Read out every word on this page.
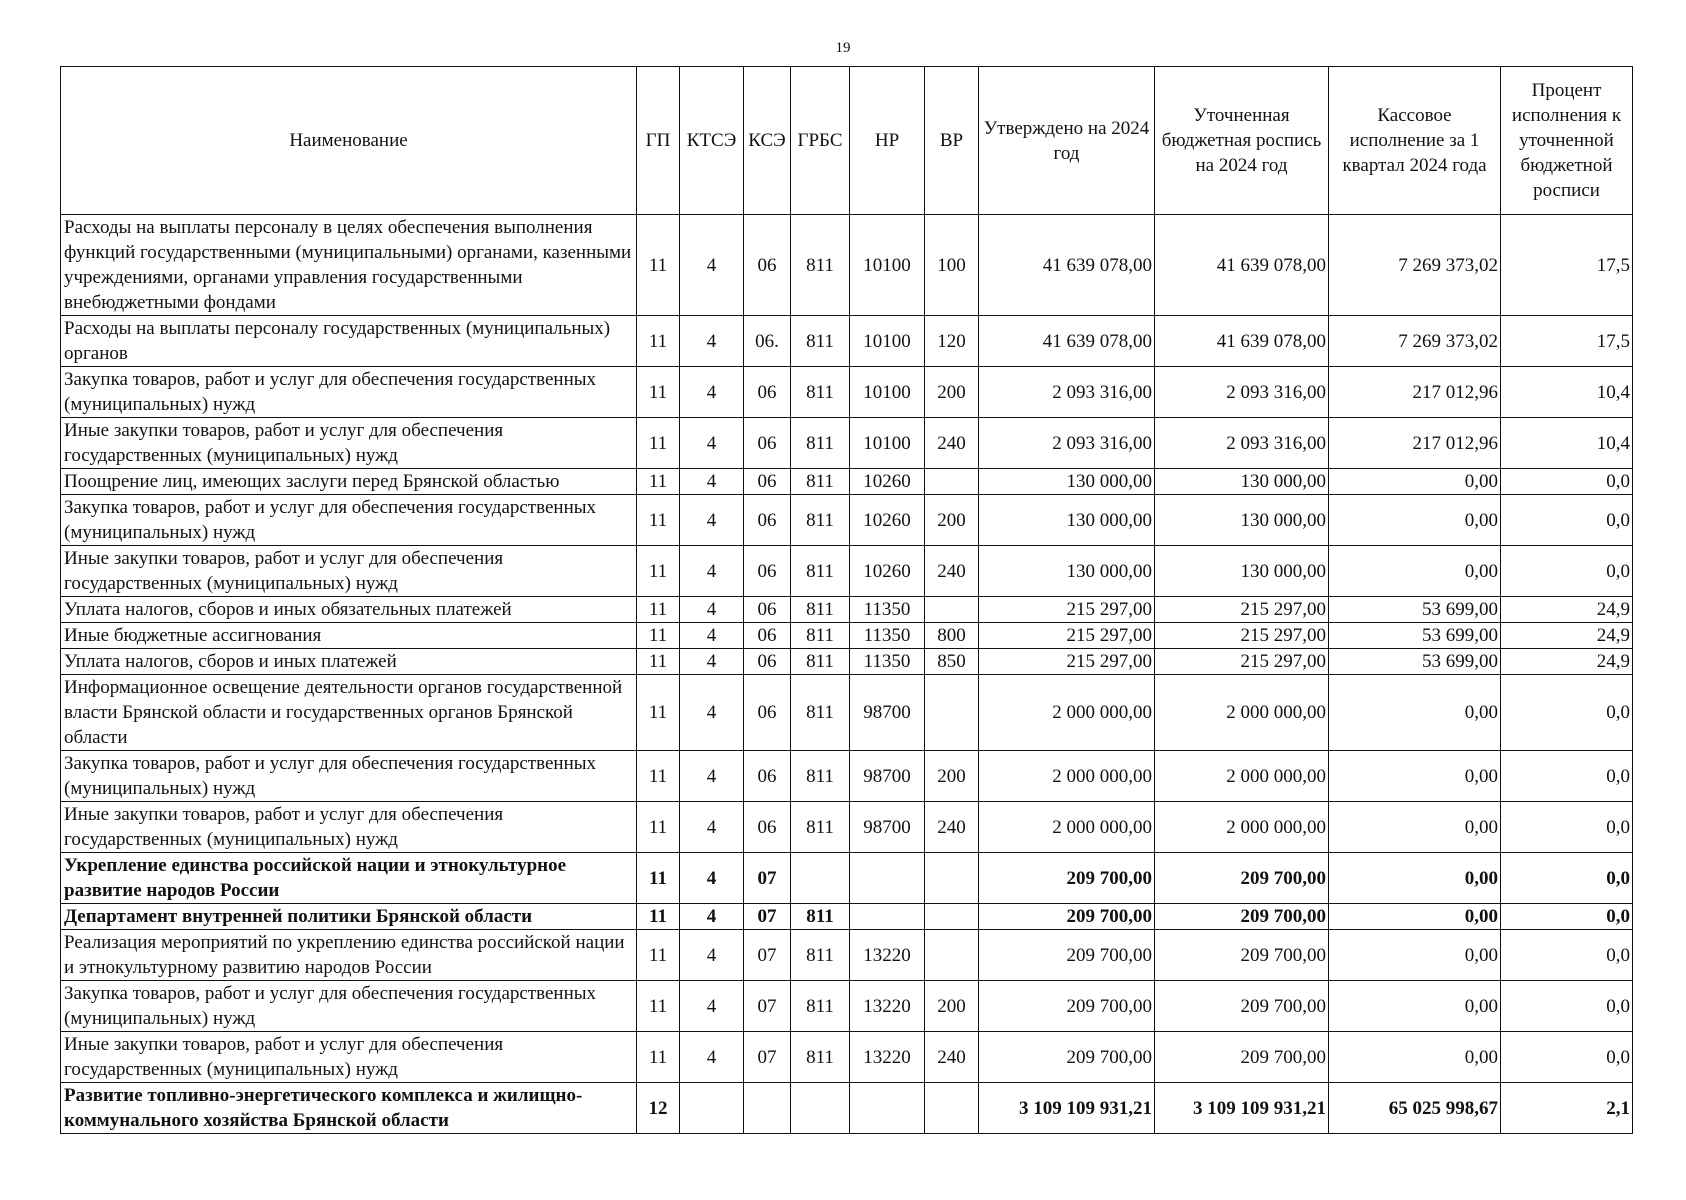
19
Наименование	ГП	КТСЭ	КСЭ	ГРБС	НР	ВР	Утверждено на 2024 год	Уточненная бюджетная роспись на 2024 год	Кассовое исполнение за 1 квартал 2024 года	Процент исполнения к уточненной бюджетной росписи
Расходы на выплаты персоналу в целях обеспечения выполнения функций государственными (муниципальными) органами, казенными учреждениями, органами управления государственными внебюджетными фондами	11	4	06	811	10100	100	41 639 078,00	41 639 078,00	7 269 373,02	17,5
Расходы на выплаты персоналу государственных (муниципальных) органов	11	4	06.	811	10100	120	41 639 078,00	41 639 078,00	7 269 373,02	17,5
Закупка товаров, работ и услуг для обеспечения государственных (муниципальных) нужд	11	4	06	811	10100	200	2 093 316,00	2 093 316,00	217 012,96	10,4
Иные закупки товаров, работ и услуг для обеспечения государственных (муниципальных) нужд	11	4	06	811	10100	240	2 093 316,00	2 093 316,00	217 012,96	10,4
Поощрение лиц, имеющих заслуги перед Брянской областью	11	4	06	811	10260		130 000,00	130 000,00	0,00	0,0
Закупка товаров, работ и услуг для обеспечения государственных (муниципальных) нужд	11	4	06	811	10260	200	130 000,00	130 000,00	0,00	0,0
Иные закупки товаров, работ и услуг для обеспечения государственных (муниципальных) нужд	11	4	06	811	10260	240	130 000,00	130 000,00	0,00	0,0
Уплата налогов, сборов и иных обязательных платежей	11	4	06	811	11350		215 297,00	215 297,00	53 699,00	24,9
Иные бюджетные ассигнования	11	4	06	811	11350	800	215 297,00	215 297,00	53 699,00	24,9
Уплата налогов, сборов и иных платежей	11	4	06	811	11350	850	215 297,00	215 297,00	53 699,00	24,9
Информационное освещение деятельности органов государственной власти Брянской области и государственных органов Брянской области	11	4	06	811	98700		2 000 000,00	2 000 000,00	0,00	0,0
Закупка товаров, работ и услуг для обеспечения государственных (муниципальных) нужд	11	4	06	811	98700	200	2 000 000,00	2 000 000,00	0,00	0,0
Иные закупки товаров, работ и услуг для обеспечения государственных (муниципальных) нужд	11	4	06	811	98700	240	2 000 000,00	2 000 000,00	0,00	0,0
Укрепление единства российской нации и этнокультурное развитие народов России	11	4	07				209 700,00	209 700,00	0,00	0,0
Департамент внутренней политики Брянской области	11	4	07	811			209 700,00	209 700,00	0,00	0,0
Реализация мероприятий по укреплению единства российской нации и этнокультурному развитию народов России	11	4	07	811	13220		209 700,00	209 700,00	0,00	0,0
Закупка товаров, работ и услуг для обеспечения государственных (муниципальных) нужд	11	4	07	811	13220	200	209 700,00	209 700,00	0,00	0,0
Иные закупки товаров, работ и услуг для обеспечения государственных (муниципальных) нужд	11	4	07	811	13220	240	209 700,00	209 700,00	0,00	0,0
Развитие топливно-энергетического комплекса и жилищно-коммунального хозяйства Брянской области	12						3 109 109 931,21	3 109 109 931,21	65 025 998,67	2,1
